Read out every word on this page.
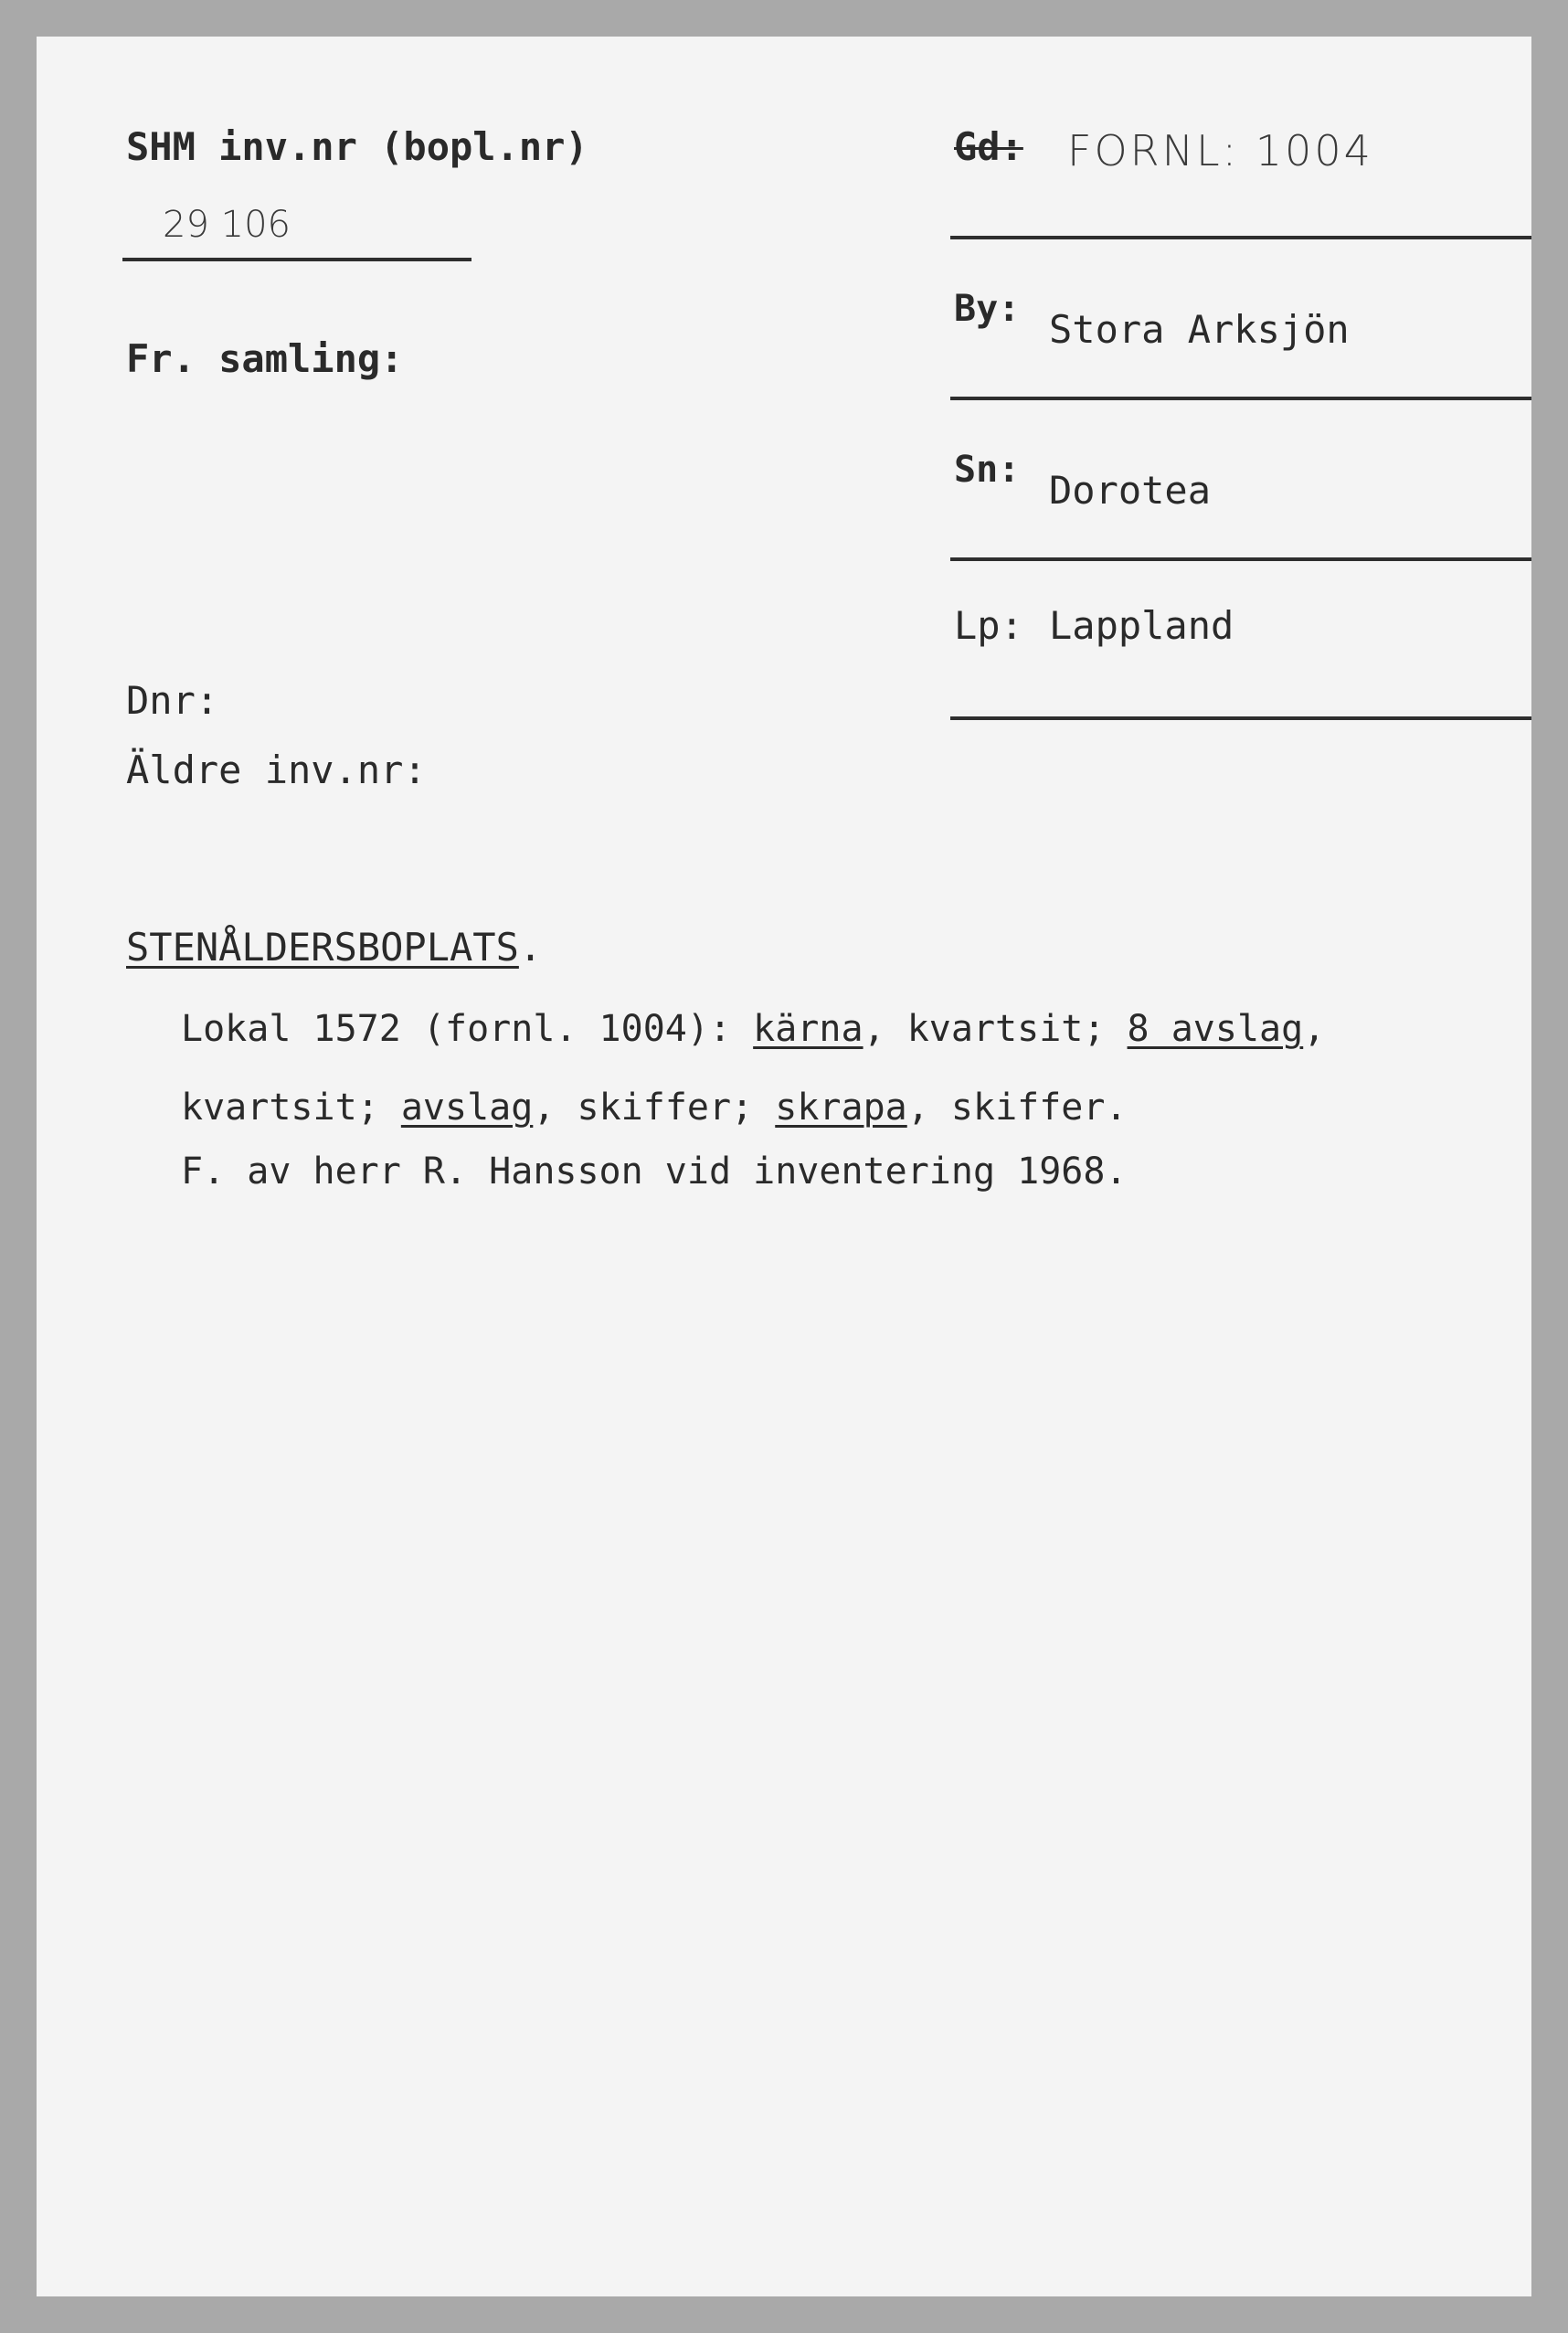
SHM inv.nr (bopl.nr)
29 106
Fr. samling:
Dnr:
Äldre inv.nr:
Gd: FORNL: 1004
By: Stora Arksjön
Sn: Dorotea
Lp: Lappland
STENÅLDERSBOPLATS.
Lokal 1572 (fornl. 1004): kärna, kvartsit; 8 avslag,
kvartsit; avslag, skiffer; skrapa, skiffer.
F. av herr R. Hansson vid inventering 1968.
